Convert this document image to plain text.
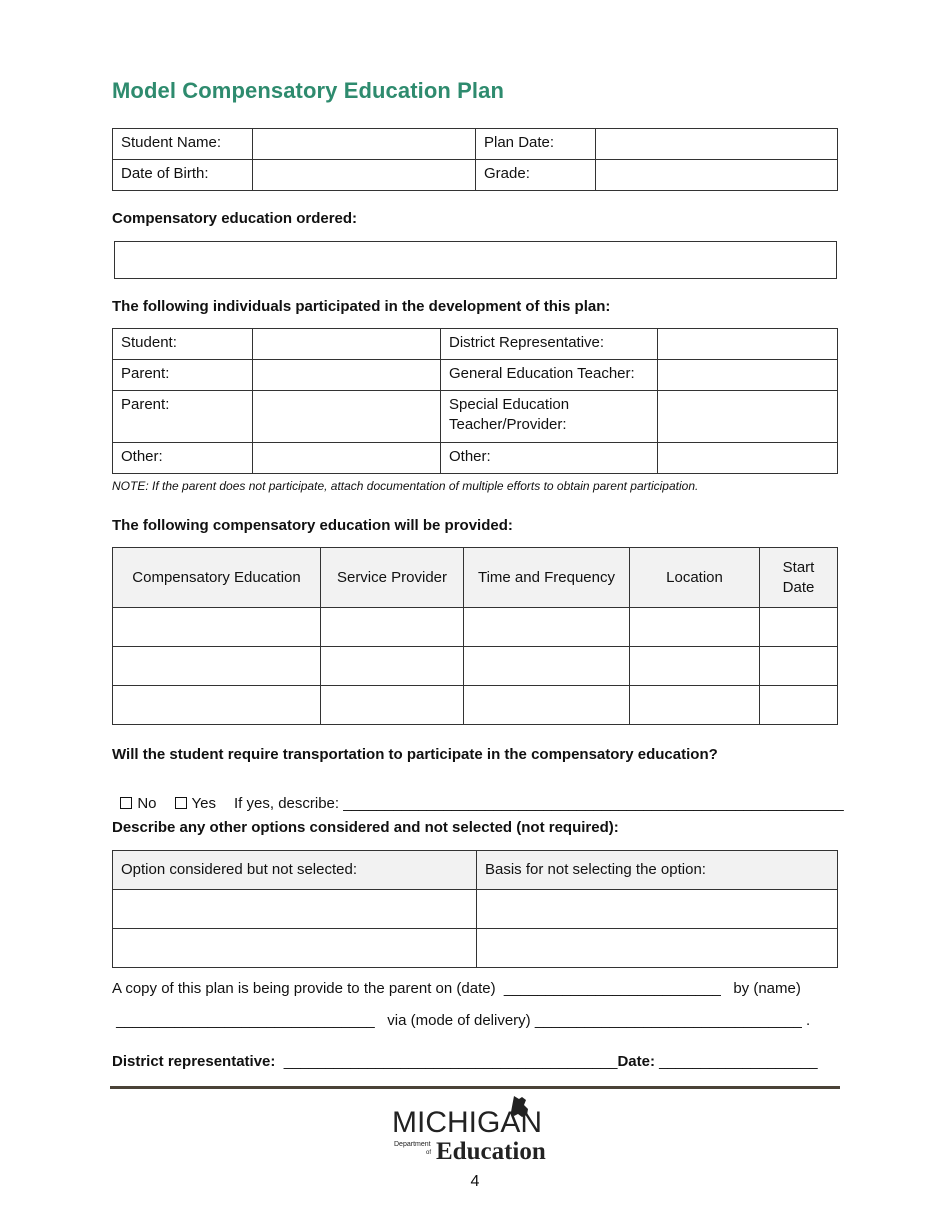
Model Compensatory Education Plan
Student Name:		Plan Date:	
Date of Birth:		Grade:	
Compensatory education ordered:
The following individuals participated in the development of this plan:
Student:		District Representative:	
Parent:		General Education Teacher:	
Parent:		Special Education Teacher/Provider:	
Other:		Other:	
NOTE: If the parent does not participate, attach documentation of multiple efforts to obtain parent participation.
The following compensatory education will be provided:
Compensatory Education	Service Provider	Time and Frequency	Location	Start Date

Will the student require transportation to participate in the compensatory education?

No Yes If yes, describe: ____________________________________________________________

Describe any other options considered and not selected (not required):
Option considered but not selected:	Basis for not selecting the option:

A copy of this plan is being provide to the parent on (date)  __________________________   by (name)
_______________________________   via (mode of delivery) ________________________________ .
District representative:  ________________________________________Date: ___________________
MICHIGAN
Department
of Education
4
